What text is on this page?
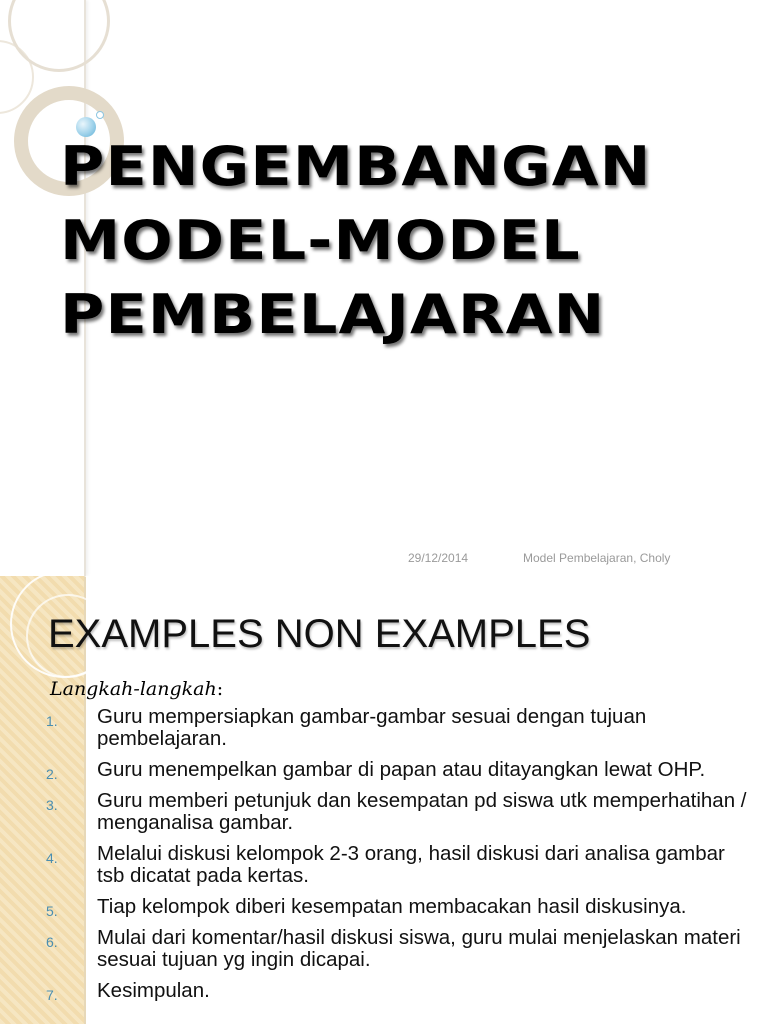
PENGEMBANGAN
MODEL-MODEL
PEMBELAJARAN
29/12/2014	Model Pembelajaran, Choly
EXAMPLES NON EXAMPLES

Langkah-langkah:

1. Guru mempersiapkan gambar-gambar sesuai dengan tujuan pembelajaran.
2. Guru menempelkan gambar di papan atau ditayangkan lewat OHP.
3. Guru memberi petunjuk dan kesempatan pd siswa utk memperhatihan / menganalisa gambar.
4. Melalui diskusi kelompok 2-3 orang, hasil diskusi dari analisa gambar tsb dicatat pada kertas.
5. Tiap kelompok diberi kesempatan membacakan hasil diskusinya.
6. Mulai dari komentar/hasil diskusi siswa, guru mulai menjelaskan materi sesuai tujuan yg ingin dicapai.
7. Kesimpulan.
